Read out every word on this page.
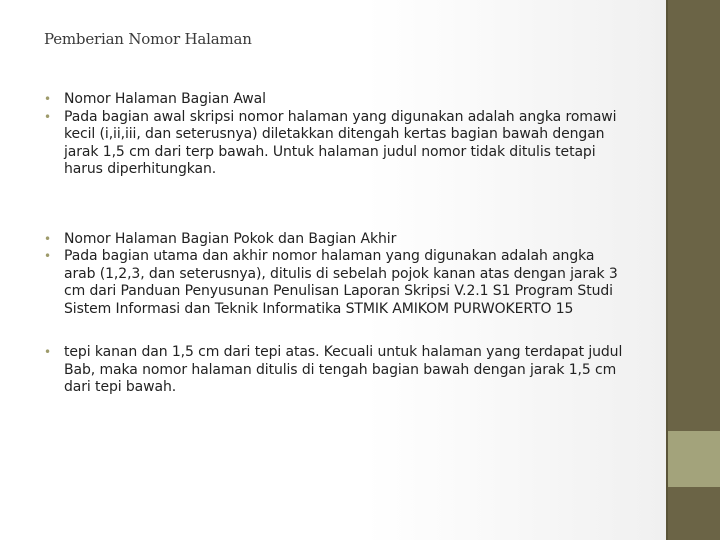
Pemberian Nomor Halaman
• Nomor Halaman Bagian Awal
• Pada bagian awal skripsi nomor halaman yang digunakan adalah angka romawi kecil (i,ii,iii, dan seterusnya) diletakkan ditengah kertas bagian bawah dengan jarak 1,5 cm dari terp bawah. Untuk halaman judul nomor tidak ditulis tetapi harus diperhitungkan.
• Nomor Halaman Bagian Pokok dan Bagian Akhir
• Pada bagian utama dan akhir nomor halaman yang digunakan adalah angka arab (1,2,3, dan seterusnya), ditulis di sebelah pojok kanan atas dengan jarak 3 cm dari Panduan Penyusunan Penulisan Laporan Skripsi V.2.1 S1 Program Studi Sistem Informasi dan Teknik Informatika STMIK AMIKOM PURWOKERTO 15
• tepi kanan dan 1,5 cm dari tepi atas. Kecuali untuk halaman yang terdapat judul Bab, maka nomor halaman ditulis di tengah bagian bawah dengan jarak 1,5 cm dari tepi bawah.
